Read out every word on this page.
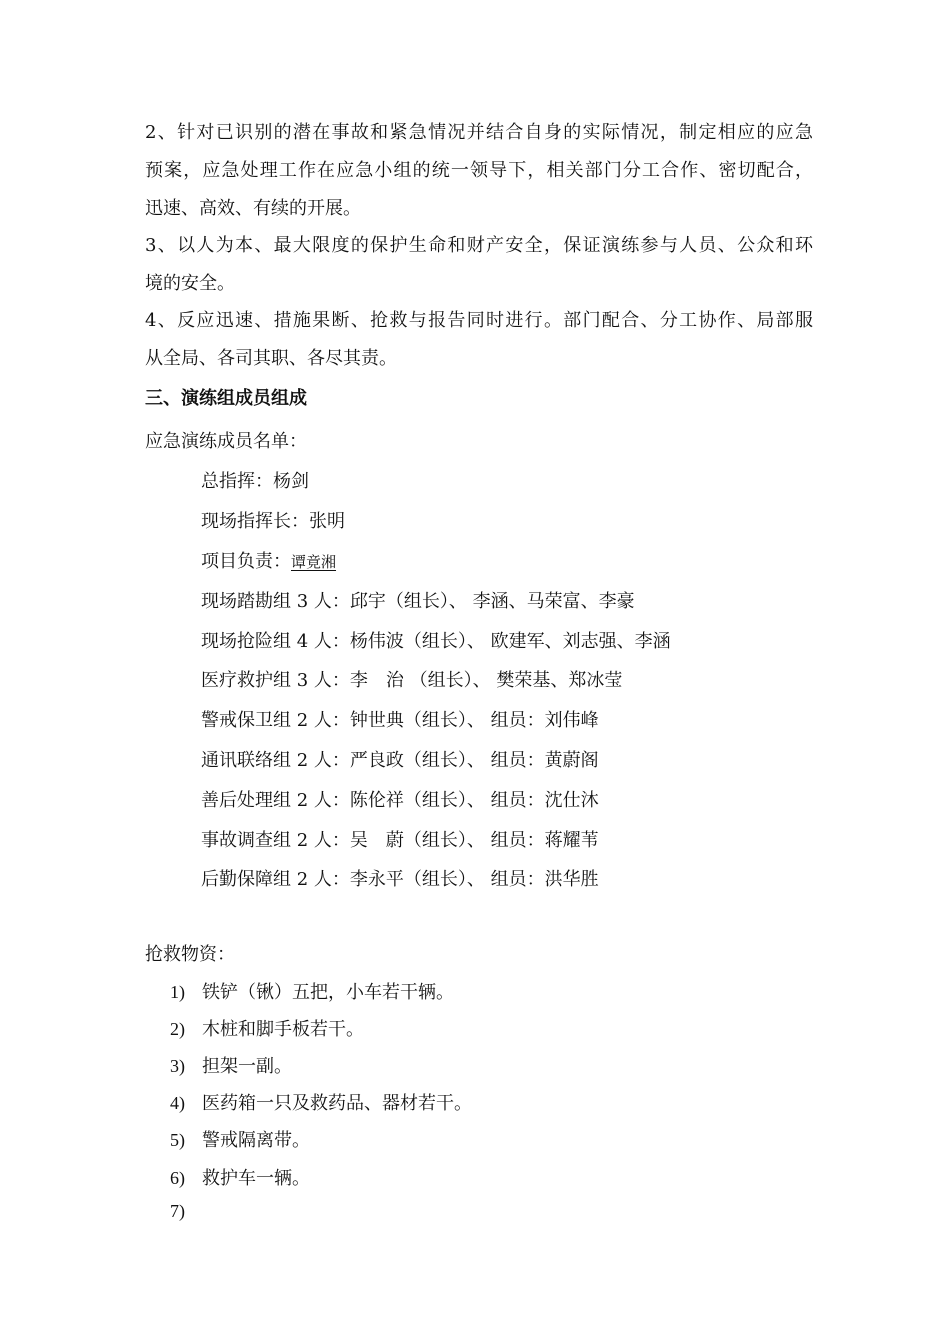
2、针对已识别的潜在事故和紧急情况并结合自身的实际情况，制定相应的应急
预案，应急处理工作在应急小组的统一领导下，相关部门分工合作、密切配合，
迅速、高效、有续的开展。
3、以人为本、最大限度的保护生命和财产安全，保证演练参与人员、公众和环
境的安全。
4、反应迅速、措施果断、抢救与报告同时进行。部门配合、分工协作、局部服
从全局、各司其职、各尽其责。
三、演练组成员组成
应急演练成员名单：
总指挥：杨剑
现场指挥长：张明
项目负责：谭竟湘
现场踏勘组 3 人：邱宇（组长）、 李涵、马荣富、李豪
现场抢险组 4 人：杨伟波（组长）、 欧建军、刘志强、李涵
医疗救护组 3 人：李　治 （组长）、 樊荣基、郑冰莹
警戒保卫组 2 人：钟世典（组长）、 组员：刘伟峰
通讯联络组 2 人：严良政（组长）、 组员：黄蔚阁
善后处理组 2 人：陈伦祥（组长）、 组员：沈仕沐
事故调查组 2 人：吴　蔚（组长）、 组员：蒋耀苇
后勤保障组 2 人：李永平（组长）、 组员：洪华胜
抢救物资：
1) 铁铲（锹）五把，小车若干辆。
2) 木桩和脚手板若干。
3) 担架一副。
4) 医药箱一只及救药品、器材若干。
5) 警戒隔离带。
6) 救护车一辆。
7)
